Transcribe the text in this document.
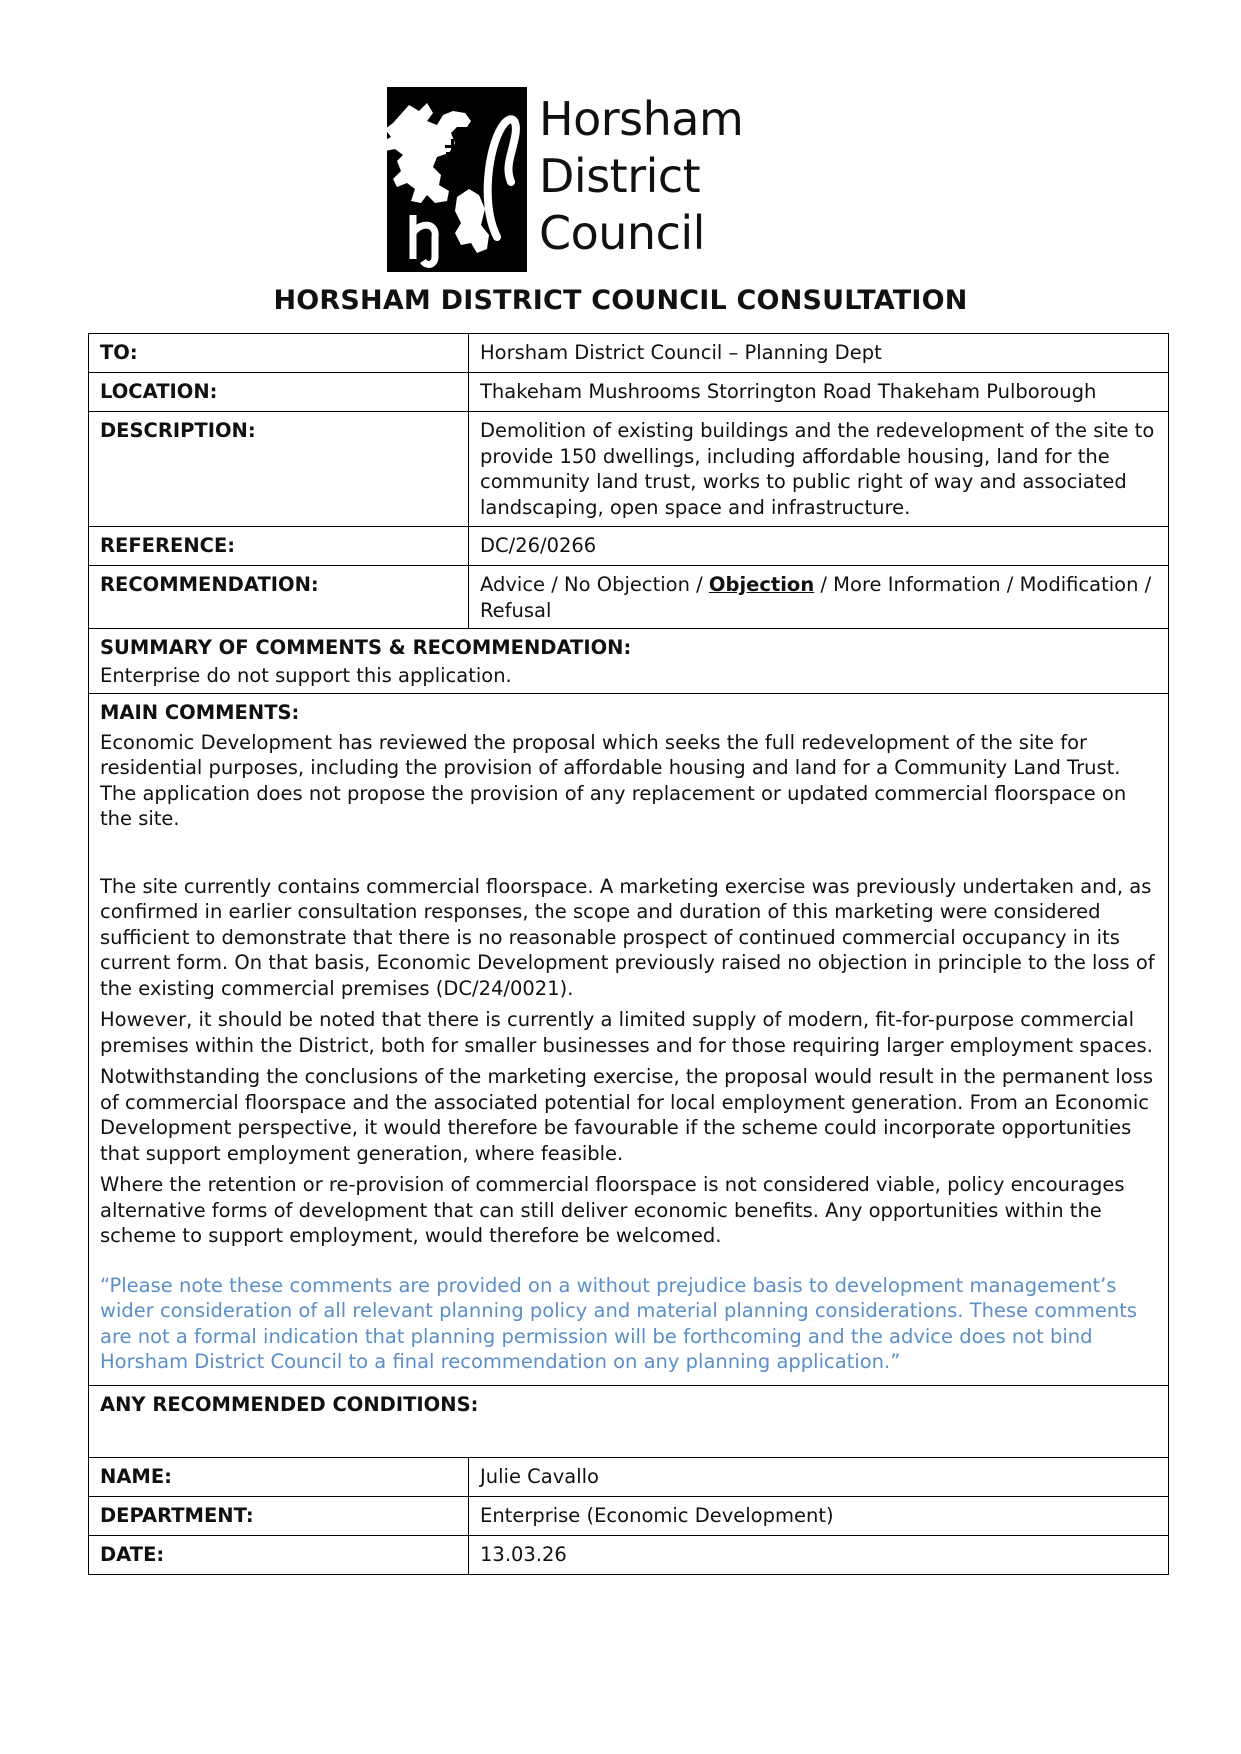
Horsham
District
Council
HORSHAM DISTRICT COUNCIL CONSULTATION
TO:	Horsham District Council – Planning Dept
LOCATION:	Thakeham Mushrooms Storrington Road Thakeham Pulborough
DESCRIPTION:	Demolition of existing buildings and the redevelopment of the site to provide 150 dwellings, including affordable housing, land for the community land trust, works to public right of way and associated landscaping, open space and infrastructure.
REFERENCE:	DC/26/0266
RECOMMENDATION:	Advice / No Objection / Objection / More Information / Modification / Refusal

SUMMARY OF COMMENTS & RECOMMENDATION:
Enterprise do not support this application.	

MAIN COMMENTS:

Economic Development has reviewed the proposal which seeks the full redevelopment of the site for residential purposes, including the provision of affordable housing and land for a Community Land Trust. The application does not propose the provision of any replacement or updated commercial floorspace on the site.

The site currently contains commercial floorspace. A marketing exercise was previously undertaken and, as confirmed in earlier consultation responses, the scope and duration of this marketing were considered sufficient to demonstrate that there is no reasonable prospect of continued commercial occupancy in its current form. On that basis, Economic Development previously raised no objection in principle to the loss of the existing commercial premises (DC/24/0021).

However, it should be noted that there is currently a limited supply of modern, fit-for-purpose commercial premises within the District, both for smaller businesses and for those requiring larger employment spaces.

Notwithstanding the conclusions of the marketing exercise, the proposal would result in the permanent loss of commercial floorspace and the associated potential for local employment generation. From an Economic Development perspective, it would therefore be favourable if the scheme could incorporate opportunities that support employment generation, where feasible.

Where the retention or re-provision of commercial floorspace is not considered viable, policy encourages alternative forms of development that can still deliver economic benefits. Any opportunities within the scheme to support employment, would therefore be welcomed.

“Please note these comments are provided on a without prejudice basis to development management’s wider consideration of all relevant planning policy and material planning considerations. These comments are not a formal indication that planning permission will be forthcoming and the advice does not bind Horsham District Council to a final recommendation on any planning application.”

ANY RECOMMENDED CONDITIONS:	

NAME:	Julie Cavallo
DEPARTMENT:	Enterprise (Economic Development)
DATE:	13.03.26
